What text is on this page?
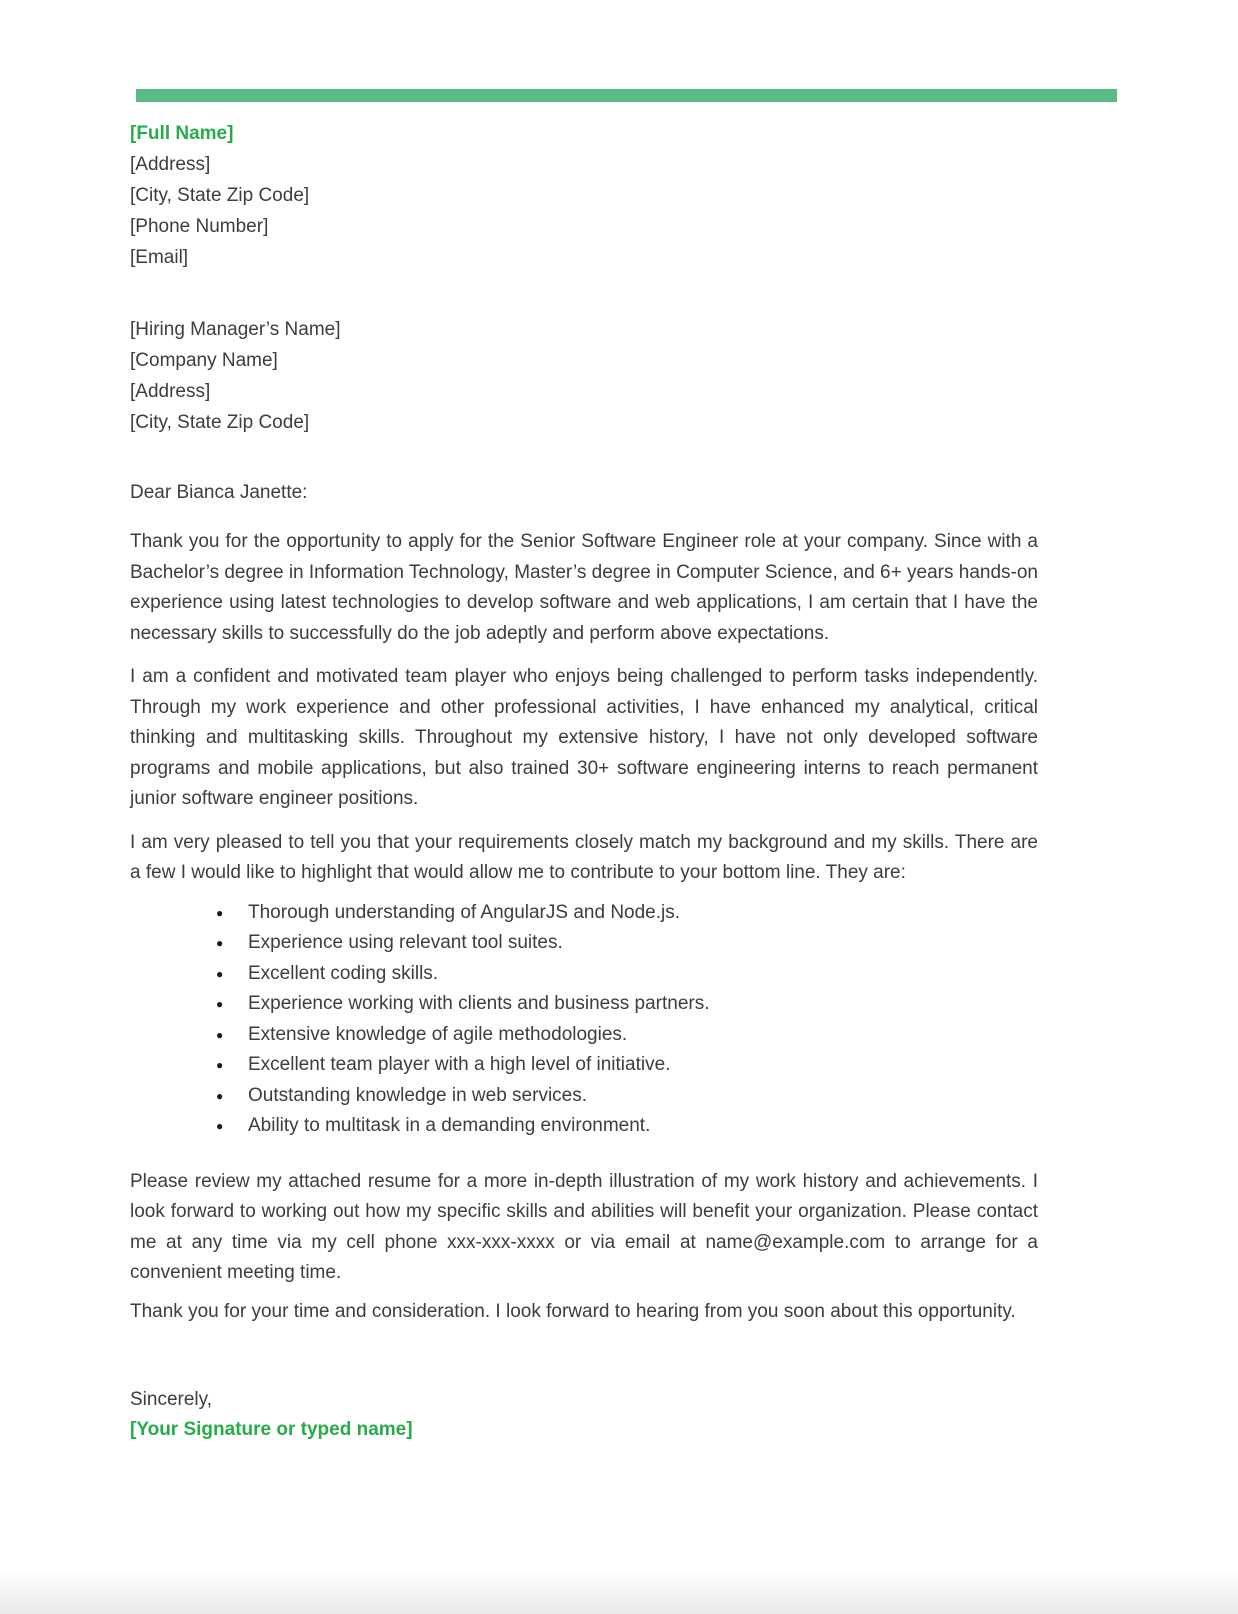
[Full Name]
[Address]
[City, State Zip Code]
[Phone Number]
[Email]
[Hiring Manager’s Name]
[Company Name]
[Address]
[City, State Zip Code]
Dear Bianca Janette:

Thank you for the opportunity to apply for the Senior Software Engineer role at your company. Since with a Bachelor’s degree in Information Technology, Master’s degree in Computer Science, and 6+ years hands-on experience using latest technologies to develop software and web applications, I am certain that I have the necessary skills to successfully do the job adeptly and perform above expectations.

I am a confident and motivated team player who enjoys being challenged to perform tasks independently. Through my work experience and other professional activities, I have enhanced my analytical, critical thinking and multitasking skills. Throughout my extensive history, I have not only developed software programs and mobile applications, but also trained 30+ software engineering interns to reach permanent junior software engineer positions.

I am very pleased to tell you that your requirements closely match my background and my skills. There are a few I would like to highlight that would allow me to contribute to your bottom line. They are:

● Thorough understanding of AngularJS and Node.js.
● Experience using relevant tool suites.
● Excellent coding skills.
● Experience working with clients and business partners.
● Extensive knowledge of agile methodologies.
● Excellent team player with a high level of initiative.
● Outstanding knowledge in web services.
● Ability to multitask in a demanding environment.

Please review my attached resume for a more in-depth illustration of my work history and achievements. I look forward to working out how my specific skills and abilities will benefit your organization. Please contact me at any time via my cell phone xxx-xxx-xxxx or via email at name@example.com to arrange for a convenient meeting time.

Thank you for your time and consideration. I look forward to hearing from you soon about this opportunity.

Sincerely,
[Your Signature or typed name]
